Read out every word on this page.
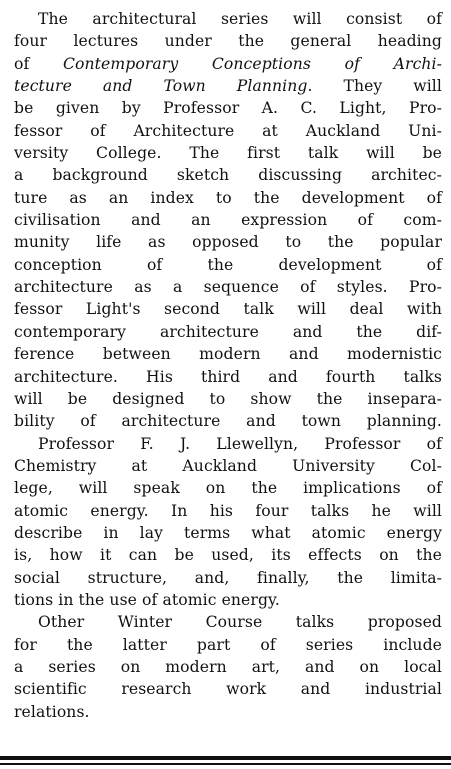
The architectural series will consist of
four lectures under the general heading
of Contemporary Conceptions of Archi-
tecture and Town Planning. They will
be given by Professor A. C. Light, Pro-
fessor of Architecture at Auckland Uni-
versity College. The first talk will be
a background sketch discussing architec-
ture as an index to the development of
civilisation and an expression of com-
munity life as opposed to the popular
conception of the development of
architecture as a sequence of styles. Pro-
fessor Light's second talk will deal with
contemporary architecture and the dif-
ference between modern and modernistic
architecture. His third and fourth talks
will be designed to show the insepara-
bility of architecture and town planning.
Professor F. J. Llewellyn, Professor of
Chemistry at Auckland University Col-
lege, will speak on the implications of
atomic energy. In his four talks he will
describe in lay terms what atomic energy
is, how it can be used, its effects on the
social structure, and, finally, the limita-
tions in the use of atomic energy.
Other Winter Course talks proposed
for the latter part of series include
a series on modern art, and on local
scientific research work and industrial
relations.
